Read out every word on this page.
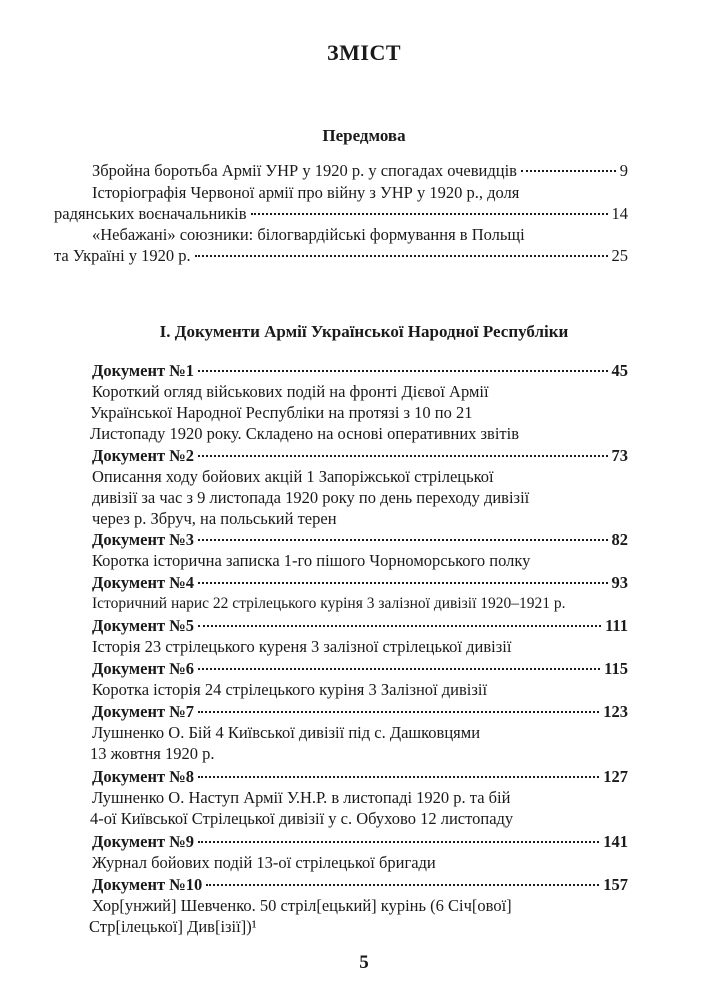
ЗМІСТ
Передмова
Збройна боротьба Армії УНР у 1920 р. у спогадах очевидців	9
Історіографія Червоної армії про війну з УНР у 1920 р., доля
радянських воєначальників	14
«Небажані» союзники: білогвардійські формування в Польщі
та Україні у 1920 р.	25
I. Документи Армії Української Народної Республіки
Документ №1	45
Короткий огляд військових подій на фронті Дієвої Армії
Української Народної Республіки на протязі з 10 по 21
Листопаду 1920 року. Складено на основі оперативних звітів
Документ №2	73
Описання ходу бойових акцій 1 Запоріжської стрілецької
дивізії за час з 9 листопада 1920 року по день переходу дивізії
через р. Збруч, на польський терен
Документ №3	82
Коротка історична записка 1-го пішого Чорноморського полку
Документ №4	93
Історичний нарис 22 стрілецького куріня 3 залізної дивізії 1920–1921 р.
Документ №5	111
Історія 23 стрілецького куреня 3 залізної стрілецької дивізії
Документ №6	115
Коротка історія 24 стрілецького куріня 3 Залізної дивізії
Документ №7	123
Лушненко О. Бій 4 Київської дивізії під с. Дашковцями
13 жовтня 1920 р.
Документ №8	127
Лушненко О. Наступ Армії У.Н.Р. в листопаді 1920 р. та бій
4-ої Київської Стрілецької дивізії у с. Обухово 12 листопаду
Документ №9	141
Журнал бойових подій 13-ої стрілецької бригади
Документ №10	157
Хор[унжий] Шевченко. 50 стріл[ецький] курінь (6 Січ[ової]
Стр[ілецької] Див[ізії])¹
5
